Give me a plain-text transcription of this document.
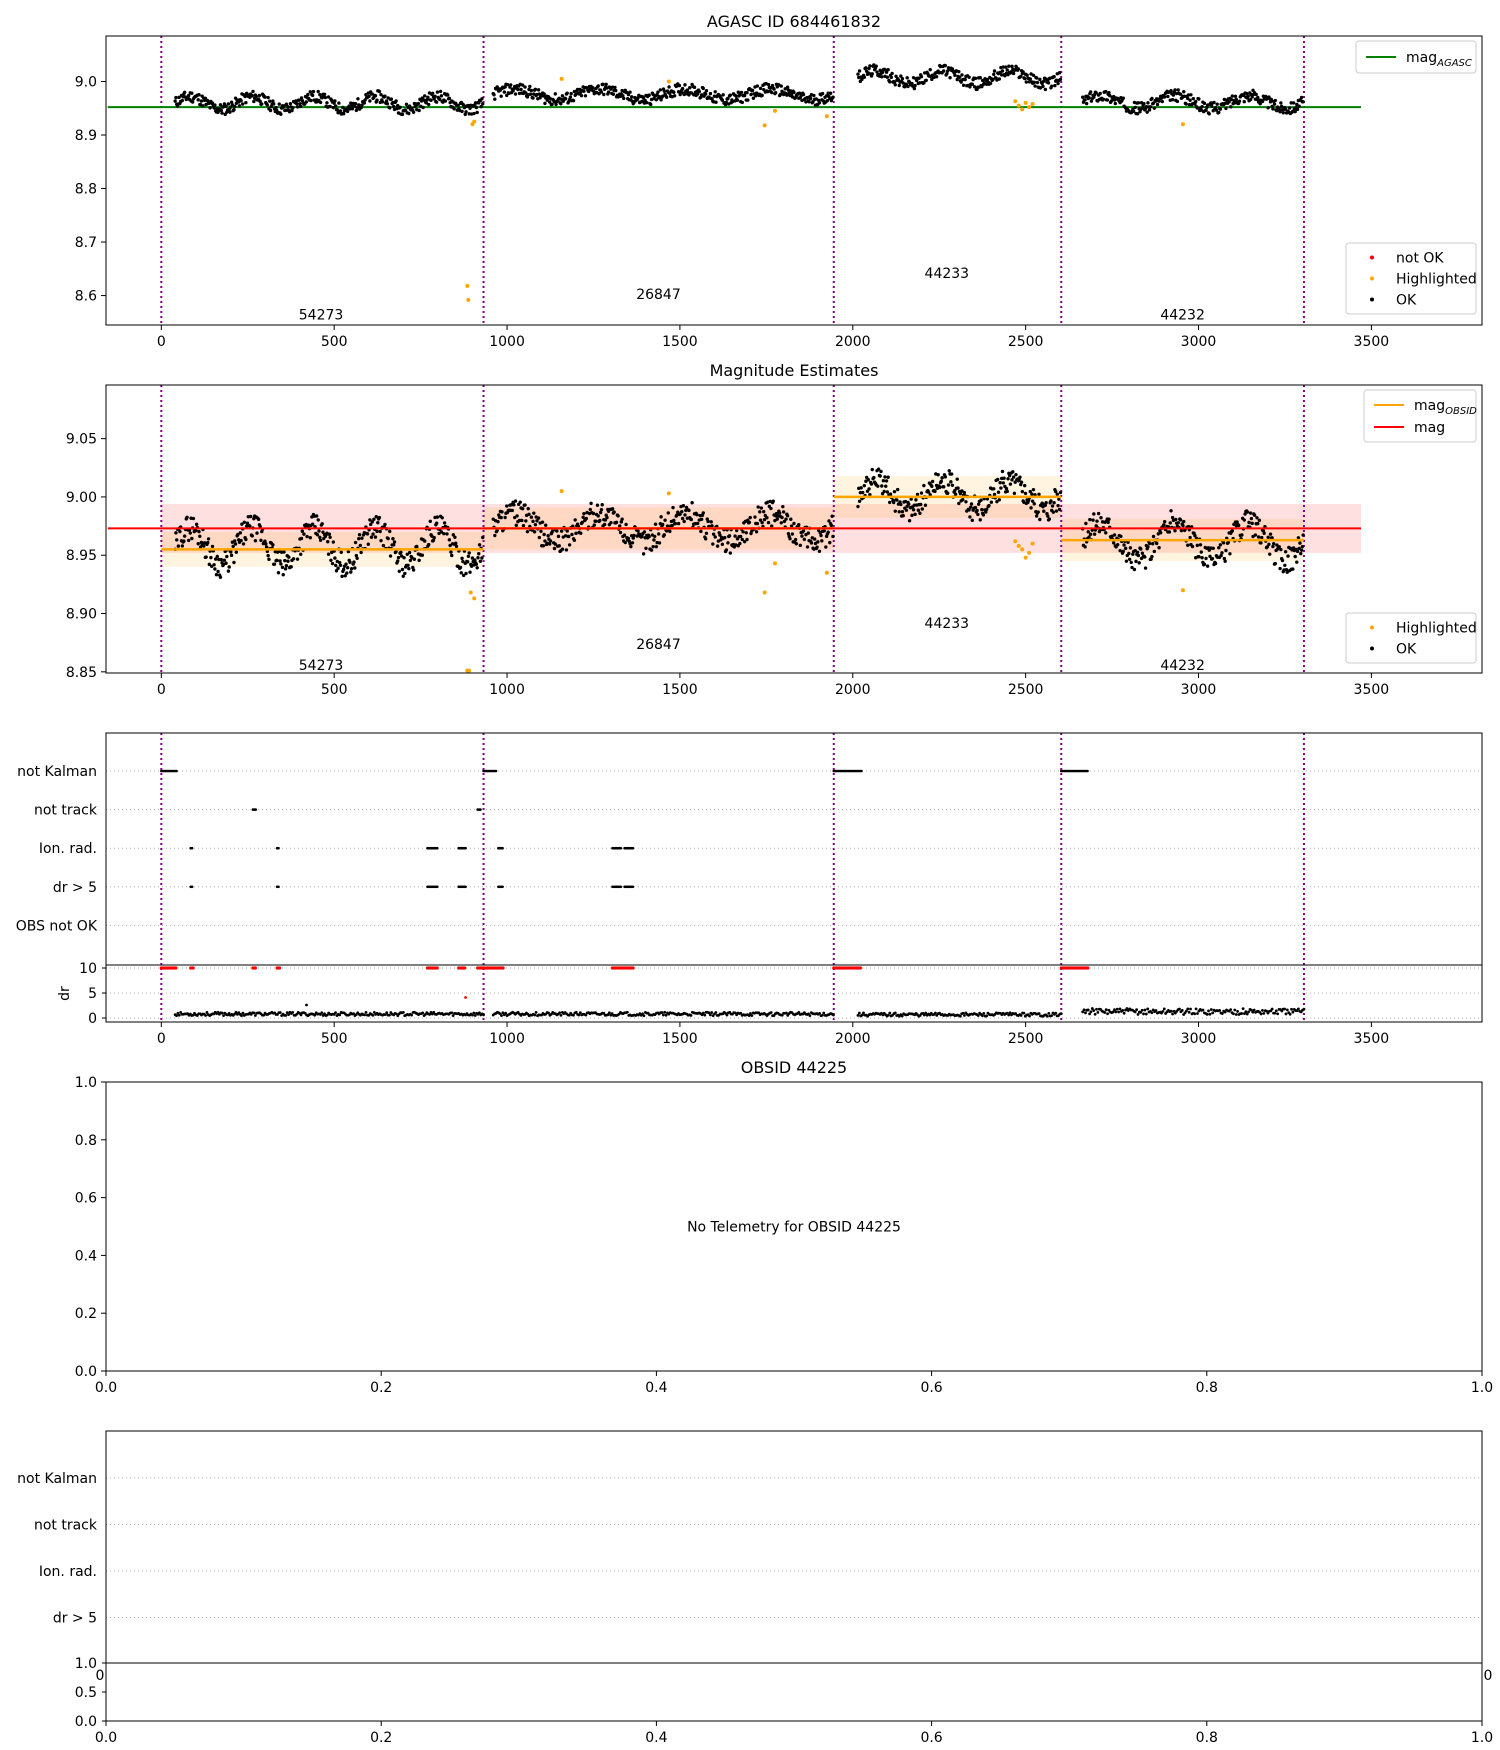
AGASC ID 684461832
54273
26847
44233
44232
0	500	1000	1500	2000	2500	3000	3500
8.6
8.7
8.8
8.9
9.0
mag$_{AGASC}$
not OK
Highlighted
OK
Magnitude Estimates
54273
26847
44233
44232
0	500	1000	1500	2000	2500	3000	3500
8.85
8.90
8.95
9.00
9.05
mag$_{OBSID}$
mag
Highlighted
OK
not Kalman
not track
Ion. rad.
dr > 5
OBS not OK
0
5
10
dr
0	500	1000	1500	2000	2500	3000	3500
OBSID 44225
0.0	0.2	0.4	0.6	0.8	1.0
0.0
0.2
0.4
0.6
0.8
1.0
No Telemetry for OBSID 44225
not Kalman
not track
Ion. rad.
dr > 5
0	0
0.0
0.5
1.0
0.0	0.2	0.4	0.6	0.8	1.0
